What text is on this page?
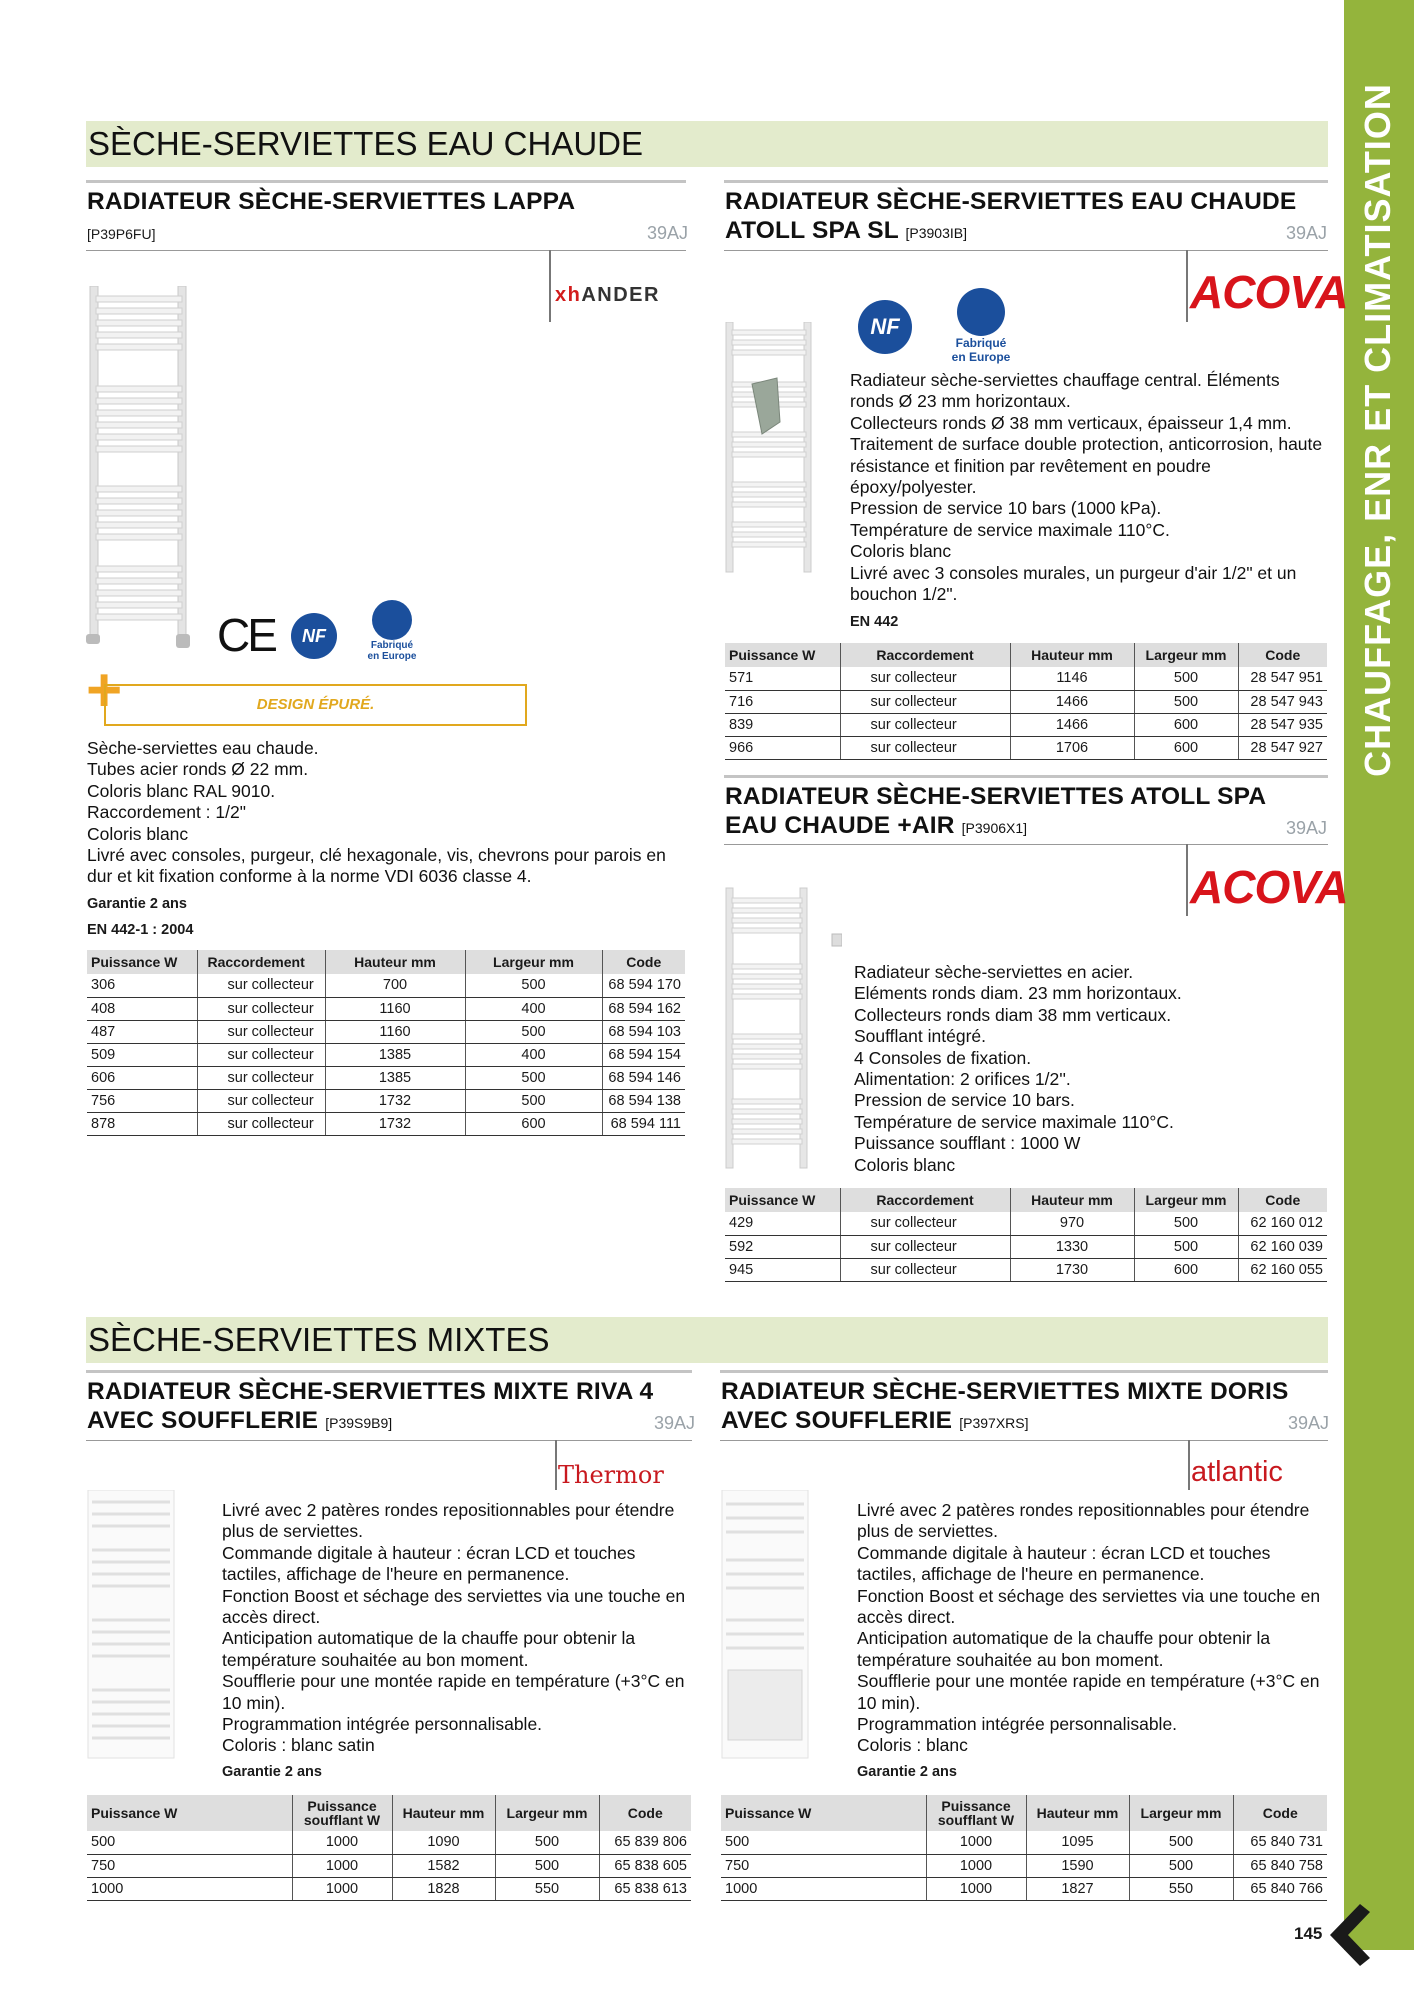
CHAUFFAGE, ENR ET CLIMATISATION
SÈCHE-SERVIETTES EAU CHAUDE
RADIATEUR SÈCHE-SERVIETTES LAPPA
[P39P6FU]	39AJ
xhANDER
CE	NF	Fabriqué en Europe
+	DESIGN ÉPURÉ.
Sèche-serviettes eau chaude.
Tubes acier ronds Ø 22 mm.
Coloris blanc RAL 9010.
Raccordement : 1/2"
Coloris blanc
Livré avec consoles, purgeur, clé hexagonale, vis, chevrons pour parois en dur et kit fixation conforme à la norme VDI 6036 classe 4.
Garantie 2 ans
EN 442-1 : 2004
Puissance W	Raccordement	Hauteur mm	Largeur mm	Code
306	sur collecteur	700	500	68 594 170
408	sur collecteur	1160	400	68 594 162
487	sur collecteur	1160	500	68 594 103
509	sur collecteur	1385	400	68 594 154
606	sur collecteur	1385	500	68 594 146
756	sur collecteur	1732	500	68 594 138
878	sur collecteur	1732	600	68 594 111
RADIATEUR SÈCHE-SERVIETTES EAU CHAUDE
ATOLL SPA SL [P3903IB]	39AJ
ACOVA
NF
Fabriqué en Europe
Radiateur sèche-serviettes chauffage central. Éléments ronds Ø 23 mm horizontaux.
Collecteurs ronds Ø 38 mm verticaux, épaisseur 1,4 mm.
Traitement de surface double protection, anticorrosion, haute résistance et finition par revêtement en poudre époxy/polyester.
Pression de service 10 bars (1000 kPa).
Température de service maximale 110°C.
Coloris blanc
Livré avec 3 consoles murales, un purgeur d'air 1/2" et un bouchon 1/2".
EN 442
Puissance W	Raccordement	Hauteur mm	Largeur mm	Code
571	sur collecteur	1146	500	28 547 951
716	sur collecteur	1466	500	28 547 943
839	sur collecteur	1466	600	28 547 935
966	sur collecteur	1706	600	28 547 927
RADIATEUR SÈCHE-SERVIETTES ATOLL SPA
EAU CHAUDE +AIR [P3906X1]	39AJ
ACOVA
Radiateur sèche-serviettes en acier.
Eléments ronds diam. 23 mm horizontaux.
Collecteurs ronds diam 38 mm verticaux.
Soufflant intégré.
4 Consoles de fixation.
Alimentation: 2 orifices 1/2''.
Pression de service 10 bars.
Température de service maximale 110°C.
Puissance soufflant : 1000 W
Coloris blanc
Puissance W	Raccordement	Hauteur mm	Largeur mm	Code
429	sur collecteur	970	500	62 160 012
592	sur collecteur	1330	500	62 160 039
945	sur collecteur	1730	600	62 160 055
SÈCHE-SERVIETTES MIXTES
RADIATEUR SÈCHE-SERVIETTES MIXTE RIVA 4
AVEC SOUFFLERIE [P39S9B9]	39AJ
Thermor
Livré avec 2 patères rondes repositionnables pour étendre plus de serviettes.
Commande digitale à hauteur : écran LCD et touches tactiles, affichage de l'heure en permanence.
Fonction Boost et séchage des serviettes via une touche en accès direct.
Anticipation automatique de la chauffe pour obtenir la température souhaitée au bon moment.
Soufflerie pour une montée rapide en température (+3°C en 10 min).
Programmation intégrée personnalisable.
Coloris : blanc satin
Garantie 2 ans
Puissance W	Puissance soufflant W	Hauteur mm	Largeur mm	Code
500	1000	1090	500	65 839 806
750	1000	1582	500	65 838 605
1000	1000	1828	550	65 838 613
RADIATEUR SÈCHE-SERVIETTES MIXTE DORIS
AVEC SOUFFLERIE [P397XRS]	39AJ
atlantic
Livré avec 2 patères rondes repositionnables pour étendre plus de serviettes.
Commande digitale à hauteur : écran LCD et touches tactiles, affichage de l'heure en permanence.
Fonction Boost et séchage des serviettes via une touche en accès direct.
Anticipation automatique de la chauffe pour obtenir la température souhaitée au bon moment.
Soufflerie pour une montée rapide en température (+3°C en 10 min).
Programmation intégrée personnalisable.
Coloris : blanc
Garantie 2 ans
Puissance W	Puissance soufflant W	Hauteur mm	Largeur mm	Code
500	1000	1095	500	65 840 731
750	1000	1590	500	65 840 758
1000	1000	1827	550	65 840 766
145
